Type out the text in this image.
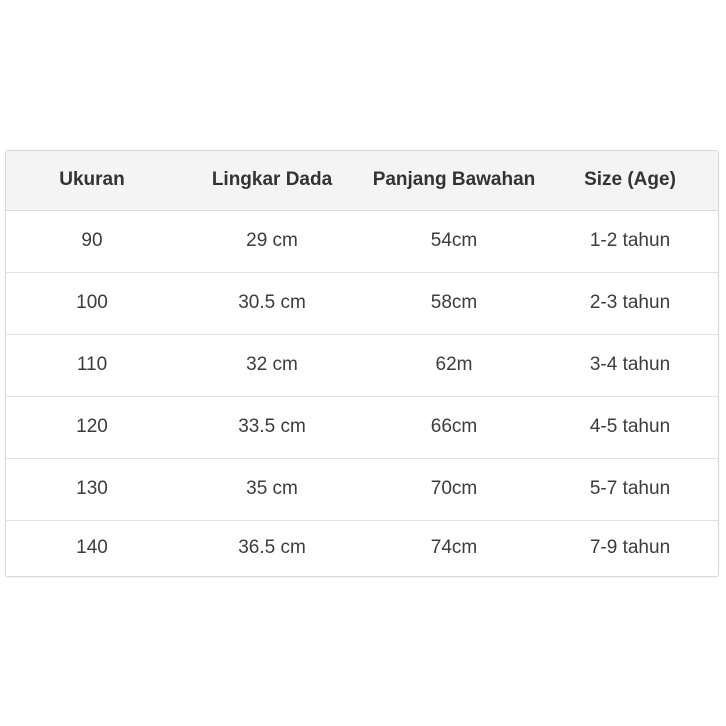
Ukuran	Lingkar Dada	Panjang Bawahan	Size (Age)
90	29 cm	54cm	1-2 tahun
100	30.5 cm	58cm	2-3 tahun
110	32 cm	62m	3-4 tahun
120	33.5 cm	66cm	4-5 tahun
130	35 cm	70cm	5-7 tahun
140	36.5 cm	74cm	7-9 tahun
